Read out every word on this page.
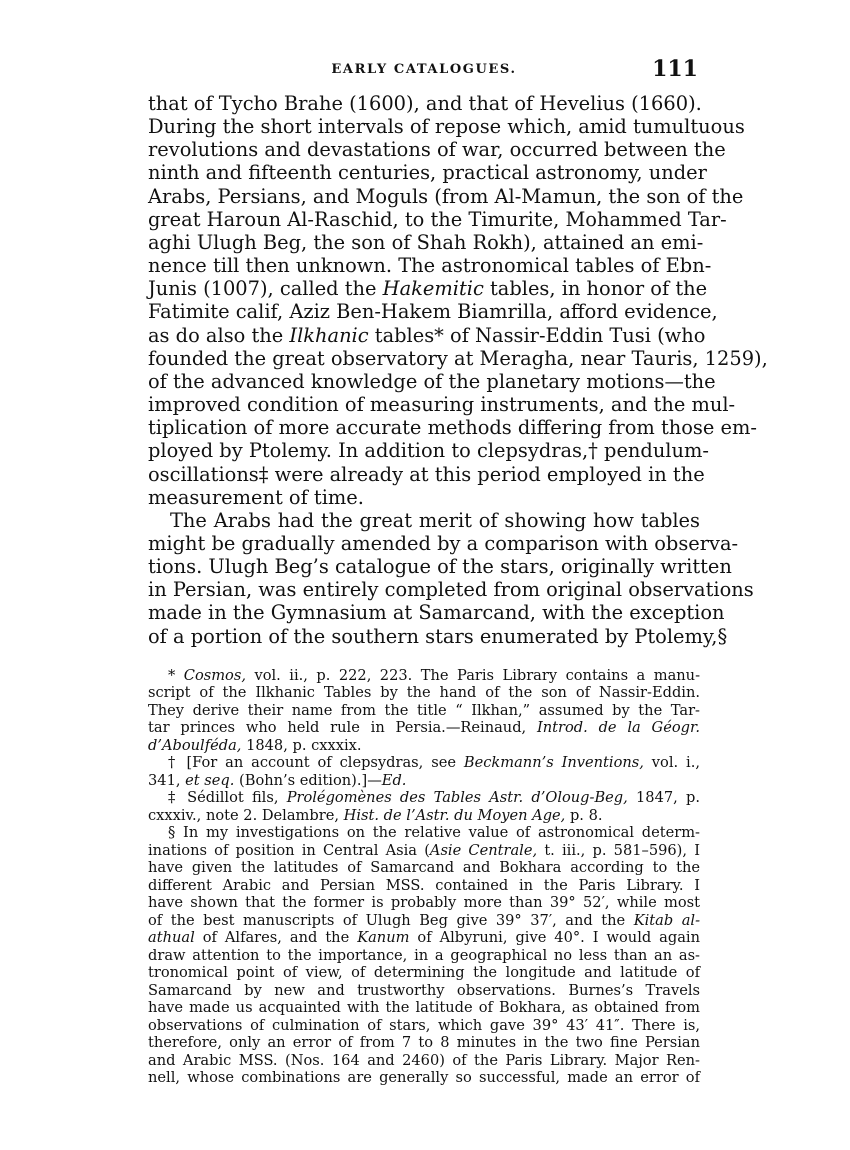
EARLY CATALOGUES.	111

that of Tycho Brahe (1600), and that of Hevelius (1660).
During the short intervals of repose which, amid tumultuous
revolutions and devastations of war, occurred between the
ninth and fifteenth centuries, practical astronomy, under
Arabs, Persians, and Moguls (from Al-Mamun, the son of the
great Haroun Al-Raschid, to the Timurite, Mohammed Tar-
aghi Ulugh Beg, the son of Shah Rokh), attained an emi-
nence till then unknown. The astronomical tables of Ebn-
Junis (1007), called the Hakemitic tables, in honor of the
Fatimite calif, Aziz Ben-Hakem Biamrilla, afford evidence,
as do also the Ilkhanic tables* of Nassir-Eddin Tusi (who
founded the great observatory at Meragha, near Tauris, 1259),
of the advanced knowledge of the planetary motions—the
improved condition of measuring instruments, and the mul-
tiplication of more accurate methods differing from those em-
ployed by Ptolemy. In addition to clepsydras,† pendulum-
oscillations‡ were already at this period employed in the
measurement of time.

The Arabs had the great merit of showing how tables
might be gradually amended by a comparison with observa-
tions. Ulugh Beg’s catalogue of the stars, originally written
in Persian, was entirely completed from original observations
made in the Gymnasium at Samarcand, with the exception
of a portion of the southern stars enumerated by Ptolemy,§

* Cosmos, vol. ii., p. 222, 223. The Paris Library contains a manu-
script of the Ilkhanic Tables by the hand of the son of Nassir-Eddin.
They derive their name from the title “ Ilkhan,” assumed by the Tar-
tar princes who held rule in Persia.—Reinaud, Introd. de la Géogr.
d’Aboulféda, 1848, p. cxxxix.
† [For an account of clepsydras, see Beckmann’s Inventions, vol. i.,
341, et seq. (Bohn’s edition).]—Ed.
‡ Sédillot fils, Prolégomènes des Tables Astr. d’Oloug-Beg, 1847, p.
cxxxiv., note 2. Delambre, Hist. de l’Astr. du Moyen Age, p. 8.
§ In my investigations on the relative value of astronomical determ-
inations of position in Central Asia (Asie Centrale, t. iii., p. 581–596), I
have given the latitudes of Samarcand and Bokhara according to the
different Arabic and Persian MSS. contained in the Paris Library. I
have shown that the former is probably more than 39° 52′, while most
of the best manuscripts of Ulugh Beg give 39° 37′, and the Kitab al-
athual of Alfares, and the Kanum of Albyruni, give 40°. I would again
draw attention to the importance, in a geographical no less than an as-
tronomical point of view, of determining the longitude and latitude of
Samarcand by new and trustworthy observations. Burnes’s Travels
have made us acquainted with the latitude of Bokhara, as obtained from
observations of culmination of stars, which gave 39° 43′ 41″. There is,
therefore, only an error of from 7 to 8 minutes in the two fine Persian
and Arabic MSS. (Nos. 164 and 2460) of the Paris Library. Major Ren-
nell, whose combinations are generally so successful, made an error of
